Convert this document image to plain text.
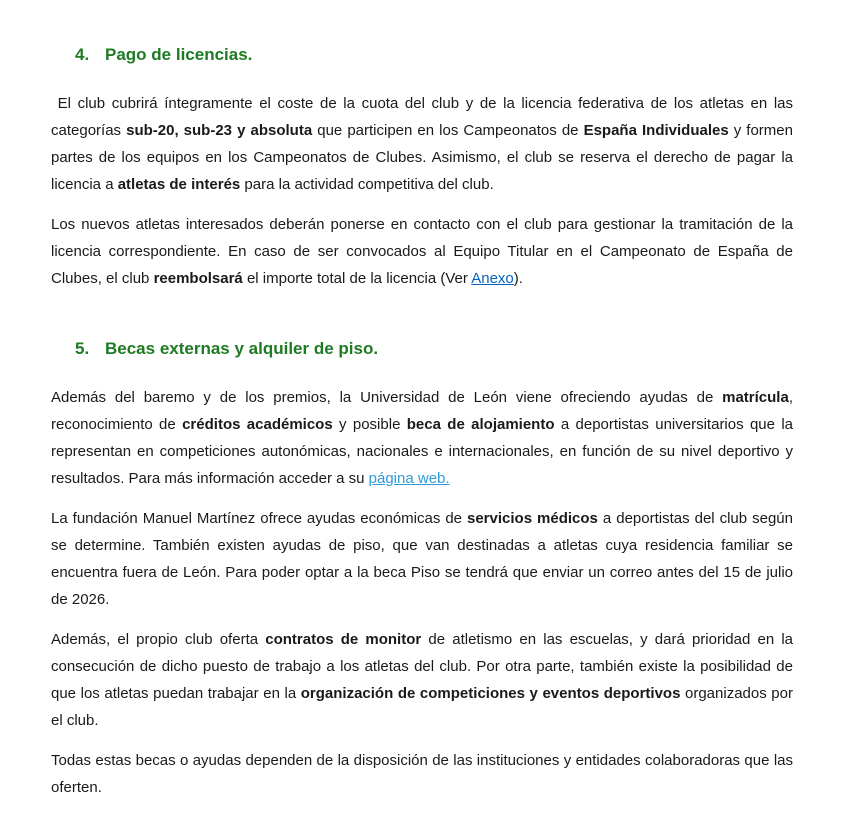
4. Pago de licencias.

El club cubrirá íntegramente el coste de la cuota del club y de la licencia federativa de los atletas en las categorías sub-20, sub-23 y absoluta que participen en los Campeonatos de España Individuales y formen partes de los equipos en los Campeonatos de Clubes. Asimismo, el club se reserva el derecho de pagar la licencia a atletas de interés para la actividad competitiva del club.

Los nuevos atletas interesados deberán ponerse en contacto con el club para gestionar la tramitación de la licencia correspondiente. En caso de ser convocados al Equipo Titular en el Campeonato de España de Clubes, el club reembolsará el importe total de la licencia (Ver Anexo).

5. Becas externas y alquiler de piso.

Además del baremo y de los premios, la Universidad de León viene ofreciendo ayudas de matrícula, reconocimiento de créditos académicos y posible beca de alojamiento a deportistas universitarios que la representan en competiciones autonómicas, nacionales e internacionales, en función de su nivel deportivo y resultados. Para más información acceder a su página web.

La fundación Manuel Martínez ofrece ayudas económicas de servicios médicos a deportistas del club según se determine. También existen ayudas de piso, que van destinadas a atletas cuya residencia familiar se encuentra fuera de León. Para poder optar a la beca Piso se tendrá que enviar un correo antes del 15 de julio de 2026.

Además, el propio club oferta contratos de monitor de atletismo en las escuelas, y dará prioridad en la consecución de dicho puesto de trabajo a los atletas del club. Por otra parte, también existe la posibilidad de que los atletas puedan trabajar en la organización de competiciones y eventos deportivos organizados por el club.

Todas estas becas o ayudas dependen de la disposición de las instituciones y entidades colaboradoras que las oferten.
